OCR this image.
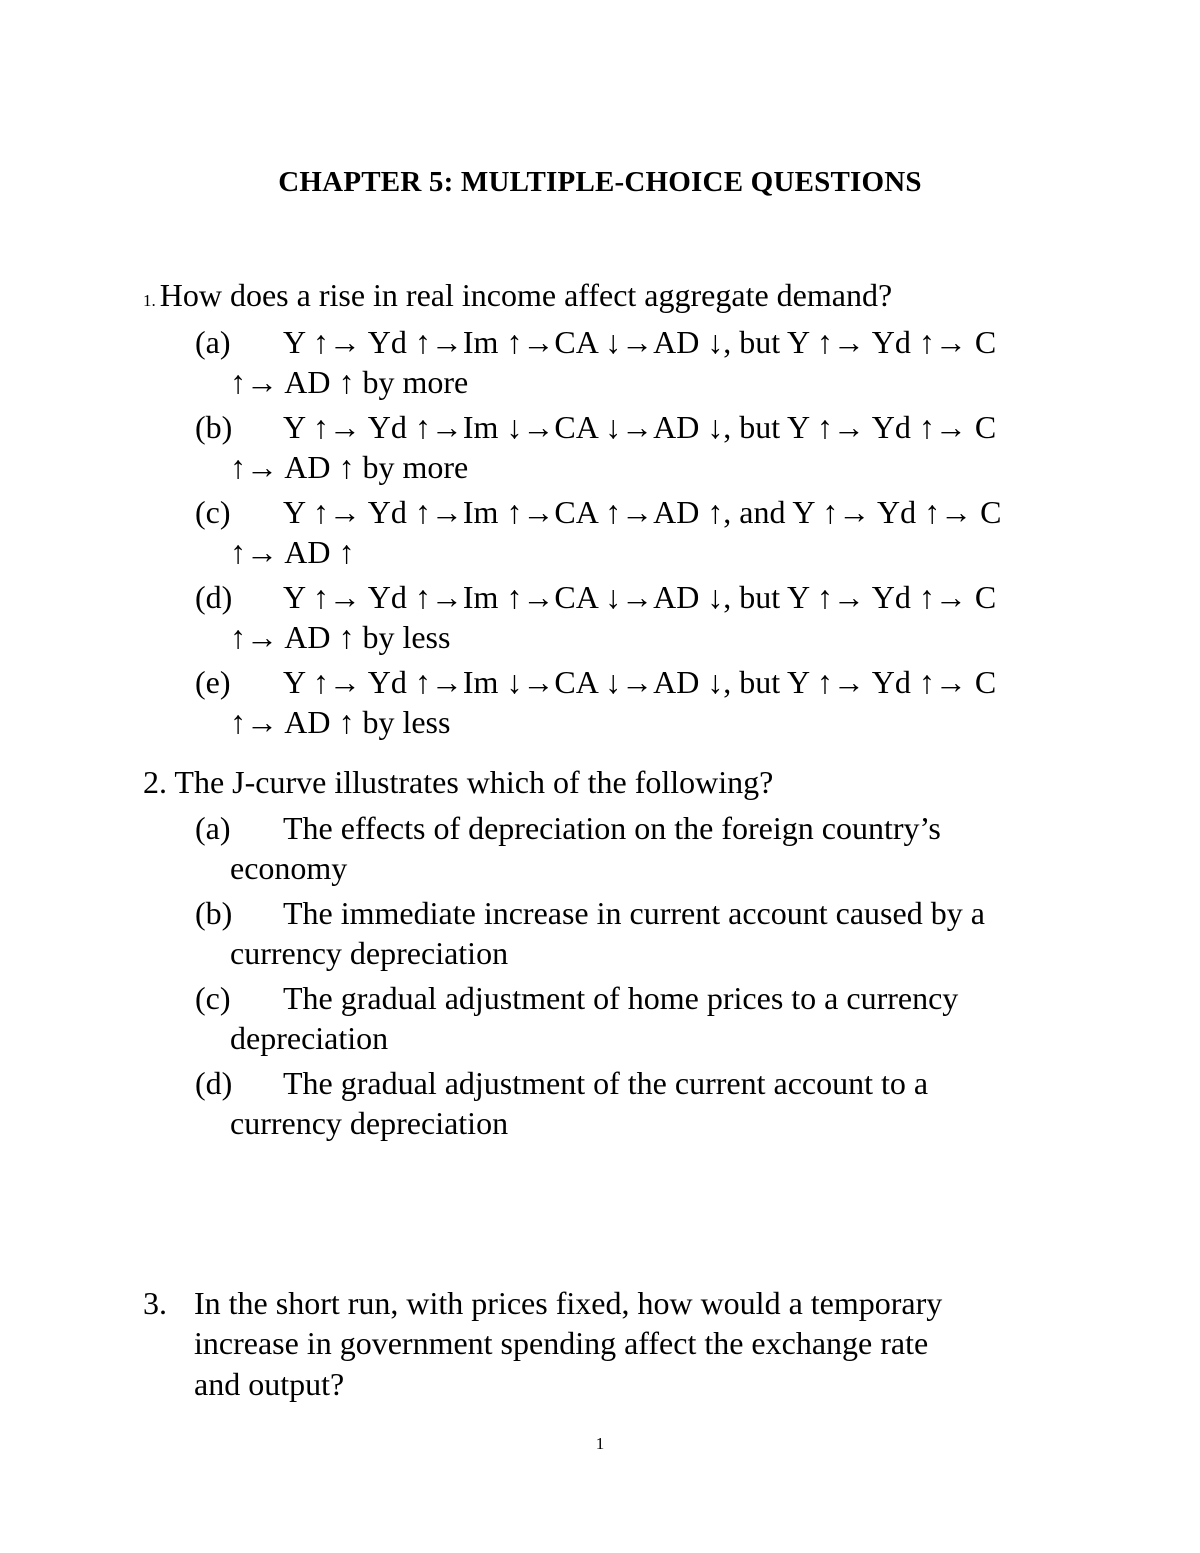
CHAPTER 5: MULTIPLE-CHOICE QUESTIONS
1. How does a rise in real income affect aggregate demand?
(a) Y ↑→ Yd ↑→Im ↑→CA ↓→AD ↓, but Y ↑→ Yd ↑→ C
↑→ AD ↑ by more
(b) Y ↑→ Yd ↑→Im ↓→CA ↓→AD ↓, but Y ↑→ Yd ↑→ C
↑→ AD ↑ by more
(c) Y ↑→ Yd ↑→Im ↑→CA ↑→AD ↑, and Y ↑→ Yd ↑→ C
↑→ AD ↑
(d) Y ↑→ Yd ↑→Im ↑→CA ↓→AD ↓, but Y ↑→ Yd ↑→ C
↑→ AD ↑ by less
(e) Y ↑→ Yd ↑→Im ↓→CA ↓→AD ↓, but Y ↑→ Yd ↑→ C
↑→ AD ↑ by less
2. The J-curve illustrates which of the following?
(a) The effects of depreciation on the foreign country’s
economy
(b) The immediate increase in current account caused by a
currency depreciation
(c) The gradual adjustment of home prices to a currency
depreciation
(d) The gradual adjustment of the current account to a
currency depreciation
3. In the short run, with prices fixed, how would a temporary
increase in government spending affect the exchange rate
and output?
1
